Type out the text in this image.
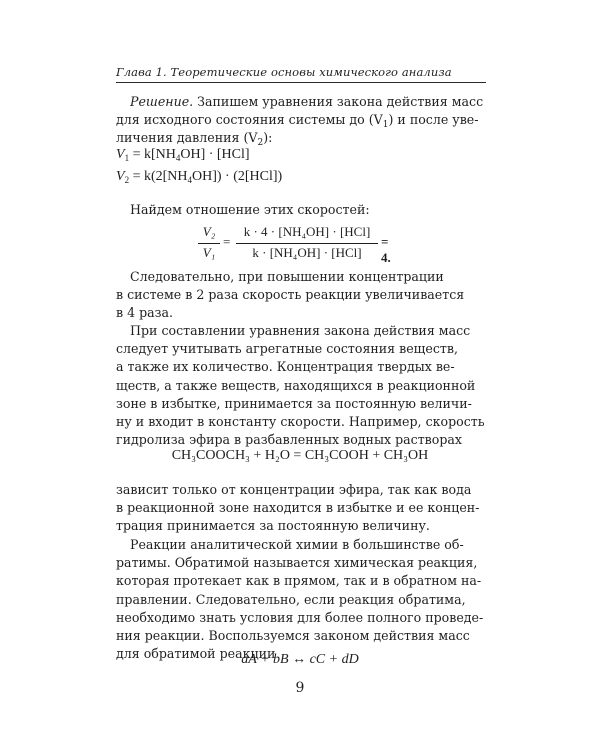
Глава 1. Теоретические основы химического анализа
Решение. Запишем уравнения закона действия масс
для исходного состояния системы до $(V_1)$ и после уве-
личения давления $(V_2)$:
$V_1 = k[NH_4OH] \cdot [HCl]$
$V_2 = k(2[NH_4OH]) \cdot (2[HCl])$
Найдем отношение этих скоростей:
V₂
V₁
=
k · 4 · [NH₄OH] · [HCl]
k · [NH₄OH] · [HCl]
= 4.
Следовательно, при повышении концентрации
в системе в 2 раза скорость реакции увеличивается
в 4 раза.
При составлении уравнения закона действия масс
следует учитывать агрегатные состояния веществ,
а также их количество. Концентрация твердых ве-
ществ, а также веществ, находящихся в реакционной
зоне в избытке, принимается за постоянную величи-
ну и входит в константу скорости. Например, скорость
гидролиза эфира в разбавленных водных растворах
CH₃COOCH₃ + H₂O = CH₃COOH + CH₃OH
зависит только от концентрации эфира, так как вода
в реакционной зоне находится в избытке и ее концен-
трация принимается за постоянную величину.
Реакции аналитической химии в большинстве об-
ратимы. Обратимой называется химическая реакция,
которая протекает как в прямом, так и в обратном на-
правлении. Следовательно, если реакция обратима,
необходимо знать условия для более полного проведе-
ния реакции. Воспользуемся законом действия масс
для обратимой реакции
aA + bB ↔ cC + dD
9
